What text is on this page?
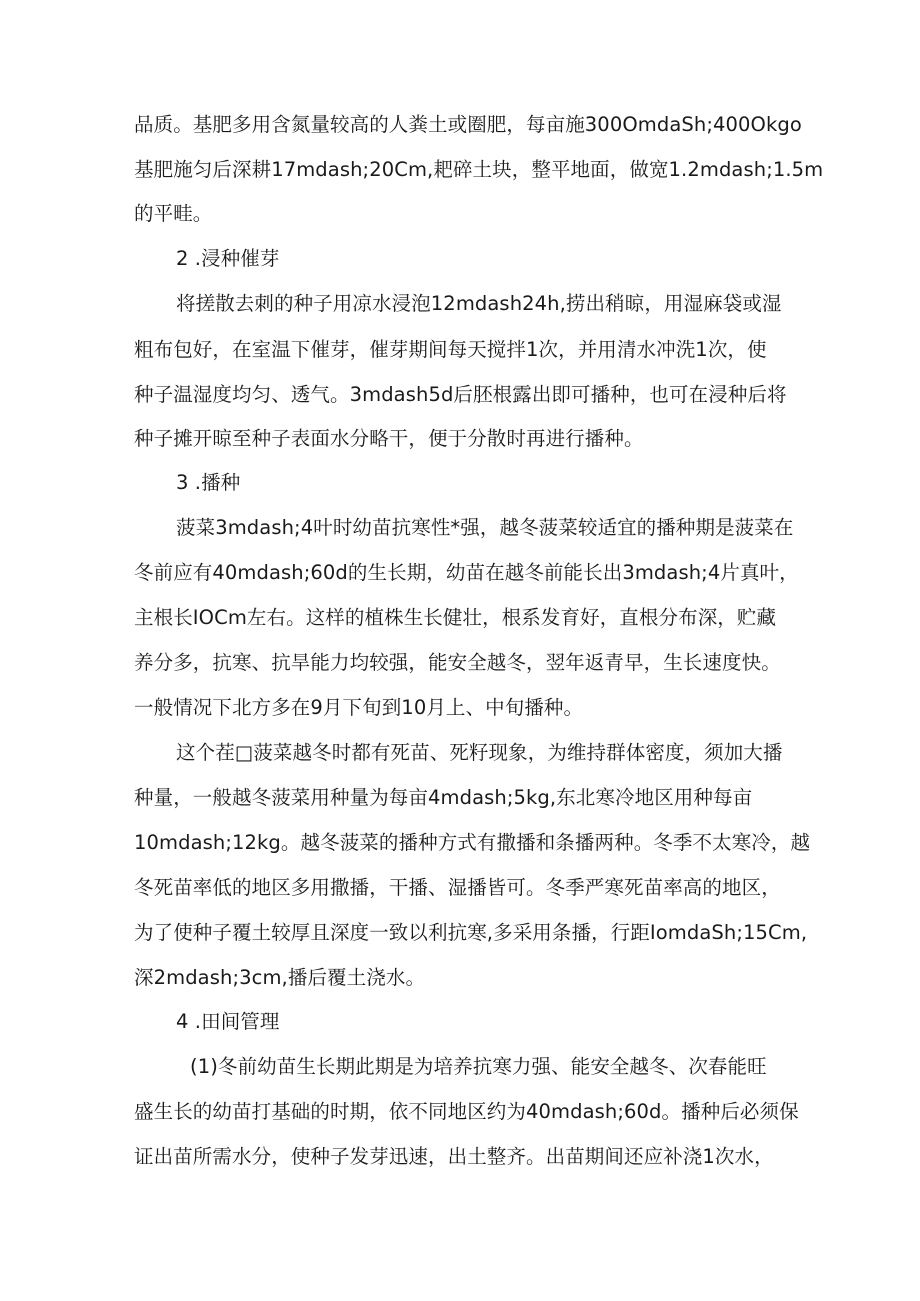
品质。基肥多用含氮量较高的人粪土或圈肥，每亩施300OmdaSh;400Okgo
基肥施匀后深耕17mdash;20Cm,耙碎土块，整平地面，做宽1.2mdash;1.5m
的平畦。
2 .浸种催芽
将搓散去刺的种子用凉水浸泡12mdash24h,捞出稍晾，用湿麻袋或湿
粗布包好，在室温下催芽，催芽期间每天搅拌1次，并用清水冲洗1次，使
种子温湿度均匀、透气。3mdash5d后胚根露出即可播种，也可在浸种后将
种子摊开晾至种子表面水分略干，便于分散时再进行播种。
3 .播种
菠菜3mdash;4叶时幼苗抗寒性*强，越冬菠菜较适宜的播种期是菠菜在
冬前应有40mdash;60d的生长期，幼苗在越冬前能长出3mdash;4片真叶，
主根长IOCm左右。这样的植株生长健壮，根系发育好，直根分布深，贮藏
养分多，抗寒、抗旱能力均较强，能安全越冬，翌年返青早，生长速度快。
一般情况下北方多在9月下旬到10月上、中旬播种。
这个茬□菠菜越冬时都有死苗、死籽现象，为维持群体密度，须加大播
种量，一般越冬菠菜用种量为每亩4mdash;5kg,东北寒冷地区用种每亩
10mdash;12kg。越冬菠菜的播种方式有撒播和条播两种。冬季不太寒冷，越
冬死苗率低的地区多用撒播，干播、湿播皆可。冬季严寒死苗率高的地区，
为了使种子覆土较厚且深度一致以利抗寒,多采用条播，行距IomdaSh;15Cm,
深2mdash;3cm,播后覆土浇水。
4 .田间管理
(1)冬前幼苗生长期此期是为培养抗寒力强、能安全越冬、次春能旺
盛生长的幼苗打基础的时期，依不同地区约为40mdash;60d。播种后必须保
证出苗所需水分，使种子发芽迅速，出土整齐。出苗期间还应补浇1次水，
